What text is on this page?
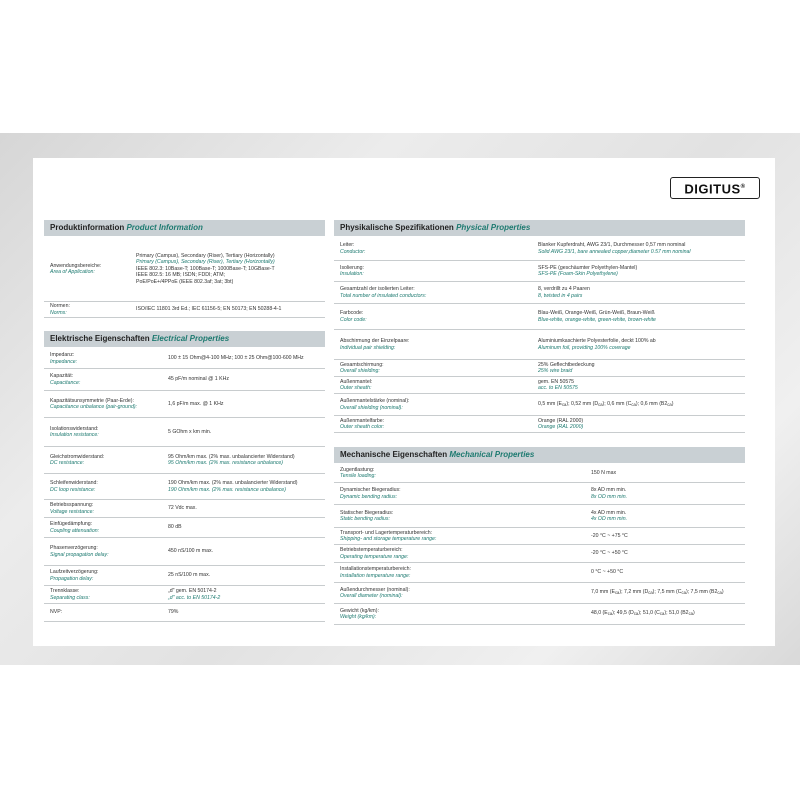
DIGITUS®
Produktinformation Product Information
Anwendungsbereiche:
Area of Application:
Primary (Campus), Secondary (Riser), Tertiary (Horizontally)
Primary (Campus), Secondary (Riser), Tertiary (Horizontally)
IEEE 802.3: 10Base-T; 100Base-T; 1000Base-T; 10GBase-T
IEEE 802.5: 16 MB; ISDN; FDDI; ATM;
PoE/PoE+/4PPoE (IEEE 802.3af; 3at; 3bt)
Normen:
Norms:
ISO/IEC 11801 3rd Ed.; IEC 61156-5; EN 50173; EN 50288-4-1
Elektrische Eigenschaften Electrical Properties
Impedanz:
Impedance:
100 ± 15 Ohm@4-100 MHz; 100 ± 25 Ohm@100-600 MHz
Kapazität:
Capacitance:
45 pF/m nominal @ 1 KHz
Kapazitätsunsymmetrie (Paar-Erde):
Capacitance unbalance (pair-ground):
1,6 pF/m max. @ 1 KHz
Isolationswiderstand:
Insulation resistance:
5 GOhm x km min.
Gleichstromwiderstand:
DC resistance:
95 Ohm/km max. (2% max. unbalancierter Widerstand)
95 Ohm/km max. (2% max. resistance unbalance)
Schleifenwiderstand:
DC loop resistance:
190 Ohm/km max. (2% max. unbalancierter Widerstand)
190 Ohm/km max. (2% max. resistance unbalance)
Betriebsspannung:
Voltage resistance:
72 Vdc max.
Einfügedämpfung:
Coupling attenuation:
80 dB
Phasenverzögerung:
Signal propagation delay:
450 nS/100 m max.
Laufzeitverzögerung:
Propagation delay:
25 nS/100 m max.
Trennklasse:
Separating class:
„d" gem. EN 50174-2
„d" acc. to EN 50174-2
NVP:	79%
Physikalische Spezifikationen Physical Properties
Leiter:
Conductor:
Blanker Kupferdraht, AWG 23/1, Durchmesser 0,57 mm nominal
Solid AWG 23/1, bare annealed copper,diameter 0.57 mm nominal
Isolierung:
Insulation:
SFS-PE (geschäumter Polyethylen-Mantel)
SFS-PE (Foam-Skin Polyethylene)
Gesamtzahl der isolierten Leiter:
Total number of insulated conductors:
8, verdrillt zu 4 Paaren
8, twisted in 4 pairs
Farbcode:
Color code:
Blau-Weiß, Orange-Weiß, Grün-Weiß, Braun-Weiß
Blue-white, orange-white, green-white, brown-white
Abschirmung der Einzelpaare:
Individual pair shielding:
Aluminiumkaschierte Polyesterfolie, deckt 100% ab
Aluminum foil, providing 100% coverage
Gesamtschirmung:
Overall shielding:
25% Geflechtbedeckung
25% wire braid
Außenmantel:
Outer sheath:
gem. EN 50575
acc. to EN 50575
Außenmantelstärke (nominal):
Overall shielding (nominal):
0,5 mm $(E_{ca})$; 0,52 mm $(D_{ca})$; 0,6 mm $(C_{ca})$; 0,6 mm $(B2_{ca})$
Außenmantelfarbe:
Outer sheath color:
Orange (RAL 2000)
Orange (RAL 2000)
Mechanische Eigenschaften Mechanical Properties
Zugentlastung:
Tensile loading:
150 N max
Dynamischer Biegeradius:
Dynamic bending radius:
8x AD mm min.
8x OD mm min.
Statischer Biegeradius:
Static bending radius:
4x AD mm min.
4x OD mm min.
Transport- und Lagertemperaturbereich:
Shipping- and storage temperature range:
-20 °C ~ +75 °C
Betriebstemperaturbereich:
Operating temperature range:
-20 °C ~ +50 °C
Installationstemperaturbereich:
Installation temperature range:
0 °C ~ +50 °C
Außendurchmesser (nominal):
Overall diameter (nominal):
7,0 mm $(E_{ca})$; 7,2 mm $(D_{ca})$; 7,5 mm $(C_{ca})$; 7,5 mm $(B2_{ca})$
Gewicht (kg/km):
Weight (kg/km):
48,0 $(E_{ca})$; 49,5 $(D_{ca})$; 51,0 $(C_{ca})$; 51,0 $(B2_{ca})$
